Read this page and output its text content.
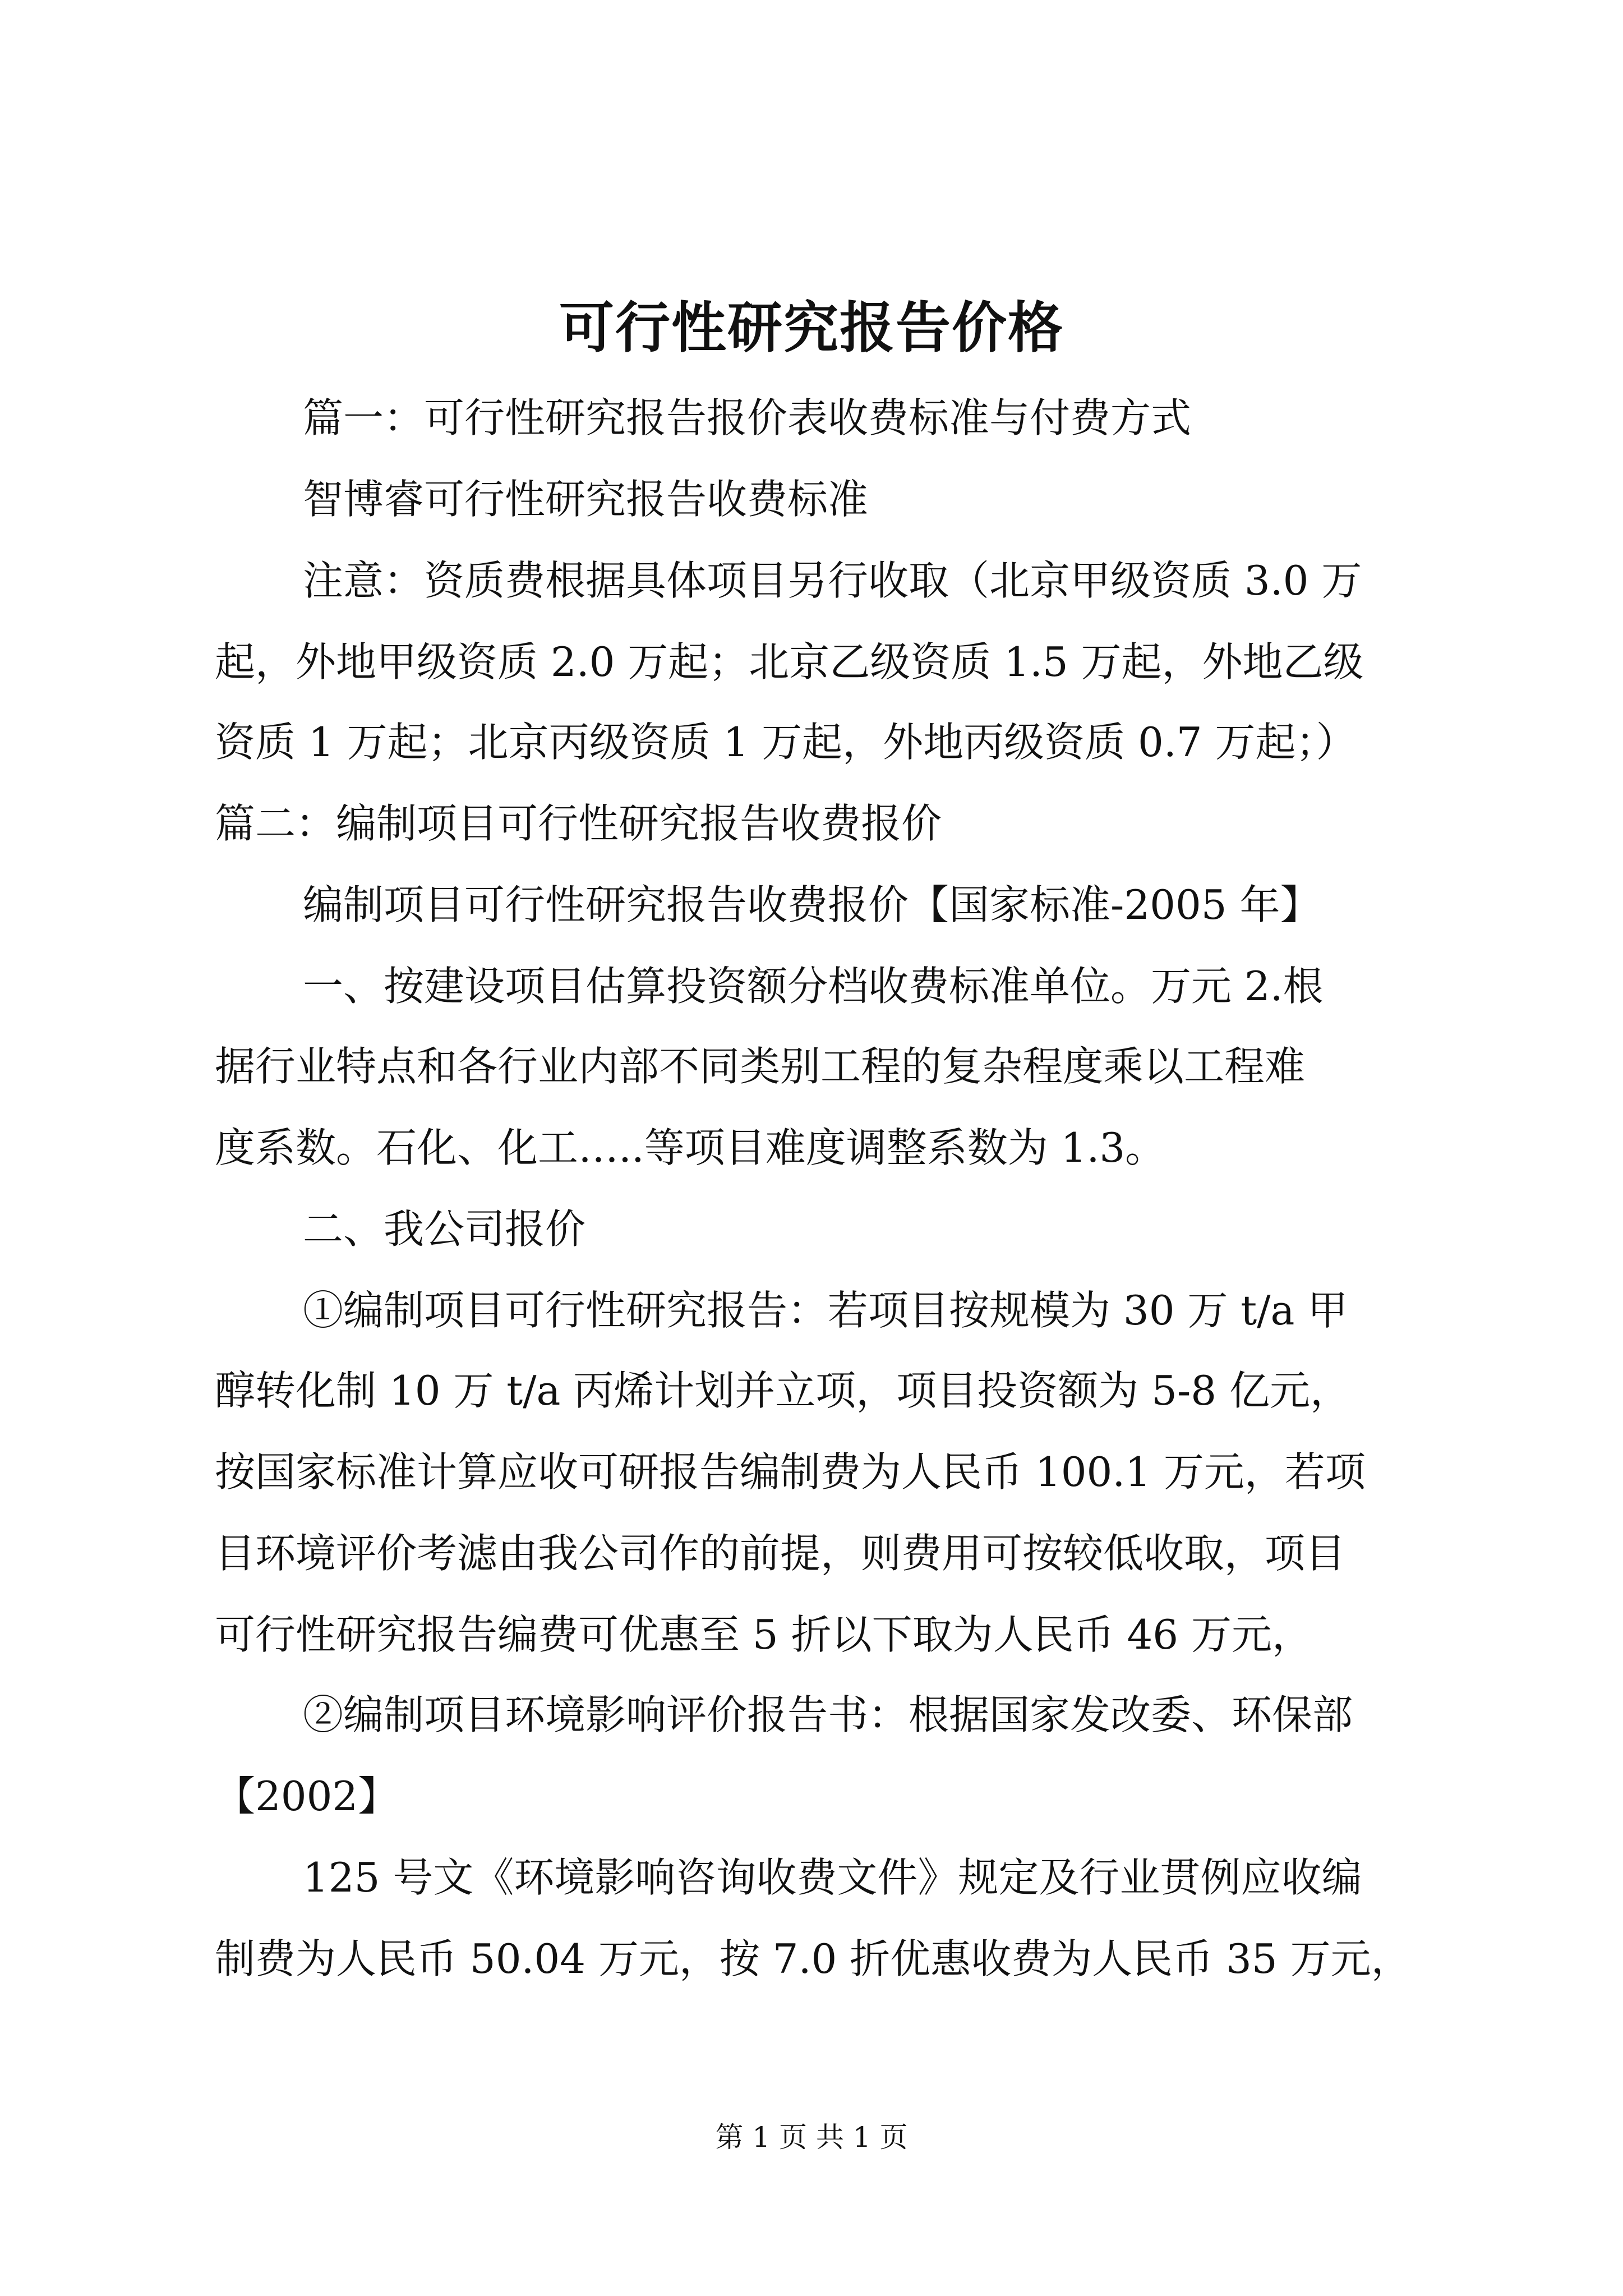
可行性研究报告价格

篇一：可行性研究报告报价表收费标准与付费方式

智博睿可行性研究报告收费标准

注意：资质费根据具体项目另行收取（北京甲级资质 3.0 万

起，外地甲级资质 2.0 万起；北京乙级资质 1.5 万起，外地乙级

资质 1 万起；北京丙级资质 1 万起，外地丙级资质 0.7 万起；）

篇二：编制项目可行性研究报告收费报价

编制项目可行性研究报告收费报价【国家标准-2005 年】

一、按建设项目估算投资额分档收费标准单位。万元 2.根

据行业特点和各行业内部不同类别工程的复杂程度乘以工程难

度系数。石化、化工…..等项目难度调整系数为 1.3。

二、我公司报价

①编制项目可行性研究报告：若项目按规模为 30 万 t/a 甲

醇转化制 10 万 t/a 丙烯计划并立项，项目投资额为 5-8 亿元，

按国家标准计算应收可研报告编制费为人民币 100.1 万元，若项

目环境评价考滤由我公司作的前提，则费用可按较低收取，项目

可行性研究报告编费可优惠至 5 折以下取为人民币 46 万元，

②编制项目环境影响评价报告书：根据国家发改委、环保部

【2002】

125 号文《环境影响咨询收费文件》规定及行业贯例应收编

制费为人民币 50.04 万元，按 7.0 折优惠收费为人民币 35 万元，

第 1 页 共 1 页
